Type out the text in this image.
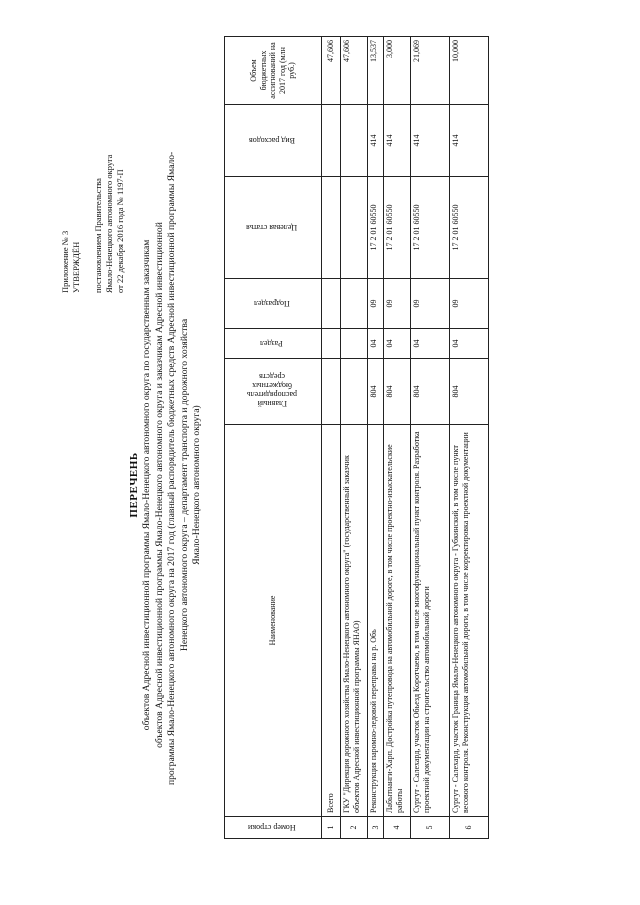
Приложение № 3 УТВЕРЖДЁН постановлением Правительства Ямало-Ненецкого автономного округа от 22 декабря 2016 года № 1197-П
ПЕРЕЧЕНЬ объектов Адресной инвестиционной программы Ямало-Ненецкого автономного округа по государственным заказчикам объектов Адресной инвестиционной программы Ямало-Ненецкого автономного округа и заказчикам Адресной инвестиционной программы Ямало-Ненецкого автономного округа на 2017 год (главный распорядитель бюджетных средств Адресной инвестиционной программы Ямало- Ненецкого автономного округа – департамент транспорта и дорожного хозяйства Ямало-Ненецкого автономного округа)
Номер строки	Наименование	Главный распорядитель бюджетных средств	Раздел	Подраздел	Целевая статья	Вид расходов	Объем бюджетных ассигнований на 2017 год (млн руб.)
1	Всего						47,606
2	ГКУ "Дирекция дорожного хозяйства Ямало-Ненецкого автономного округа" (государственный заказчик объектов Адресной инвестиционной программы ЯНАО)						47,606
3	Реконструкция паромно-ледовой переправы на р. Обь	804	04	09	17 2 01 60550	414	13,537
4	Лабытнанги-Харп. Достройка путепровода на автомобильной дороге, в том числе проектно-изыскательские работы	804	04	09	17 2 01 60550	414	3,000
5	Сургут - Салехард, участок Обьезд Коротчаево, в том числе многофункциональный пункт контроля. Разработка проектной документации на строительство автомобильной дороги	804	04	09	17 2 01 60550	414	21,069
6	Сургут - Салехард, участок Граница Ямало-Ненецкого автономного округа - Губкинский, в том числе пункт весового контроля. Реконструкция автомобильной дороги, в том числе корректировка проектной документации	804	04	09	17 2 01 60550	414	10,000
